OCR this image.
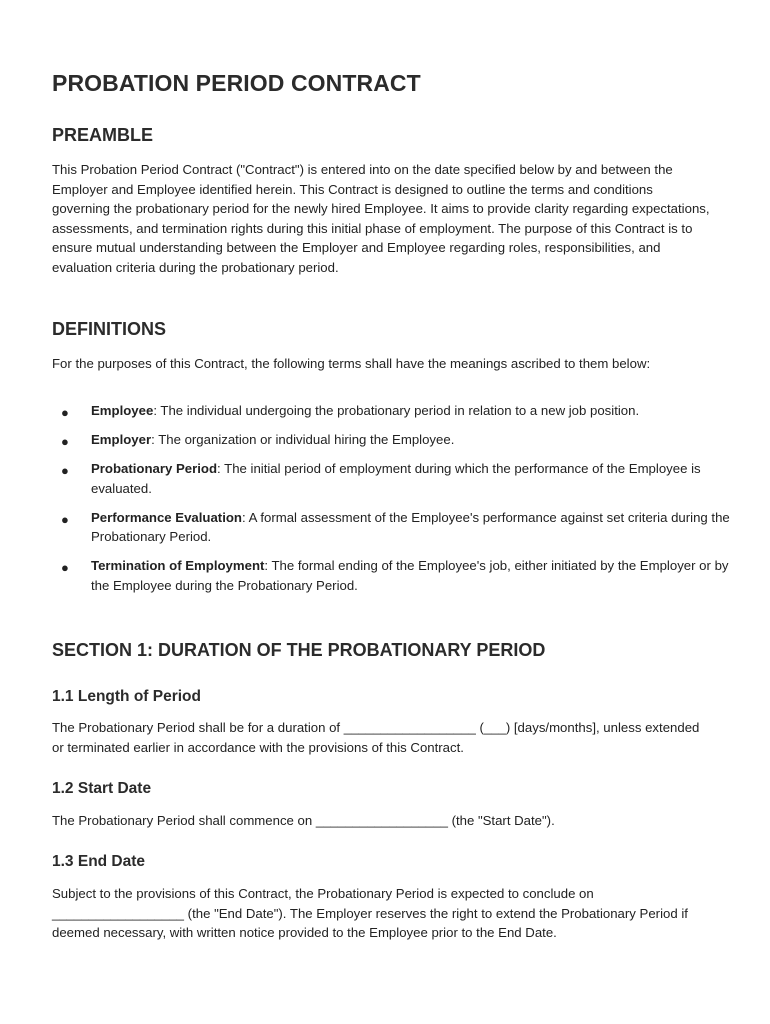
PROBATION PERIOD CONTRACT
PREAMBLE

This Probation Period Contract ("Contract") is entered into on the date specified below by and between the Employer and Employee identified herein. This Contract is designed to outline the terms and conditions governing the probationary period for the newly hired Employee. It aims to provide clarity regarding expectations, assessments, and termination rights during this initial phase of employment. The purpose of this Contract is to ensure mutual understanding between the Employer and Employee regarding roles, responsibilities, and evaluation criteria during the probationary period.

DEFINITIONS

For the purposes of this Contract, the following terms shall have the meanings ascribed to them below:

● Employee: The individual undergoing the probationary period in relation to a new job position.
● Employer: The organization or individual hiring the Employee.
● Probationary Period: The initial period of employment during which the performance of the Employee is evaluated.
● Performance Evaluation: A formal assessment of the Employee's performance against set criteria during the Probationary Period.
● Termination of Employment: The formal ending of the Employee's job, either initiated by the Employer or by the Employee during the Probationary Period.
SECTION 1: DURATION OF THE PROBATIONARY PERIOD
1.1 Length of Period

The Probationary Period shall be for a duration of __________________ (___) [days/months], unless extended or terminated earlier in accordance with the provisions of this Contract.

1.2 Start Date

The Probationary Period shall commence on __________________ (the "Start Date").

1.3 End Date

Subject to the provisions of this Contract, the Probationary Period is expected to conclude on __________________ (the "End Date"). The Employer reserves the right to extend the Probationary Period if deemed necessary, with written notice provided to the Employee prior to the End Date.
